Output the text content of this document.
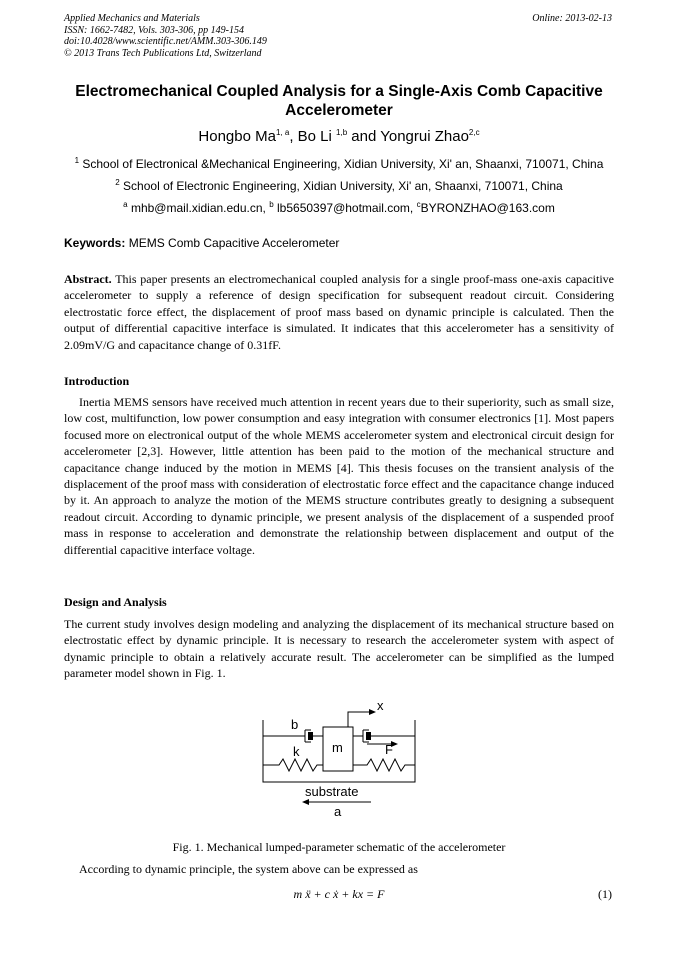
Applied Mechanics and Materials
ISSN: 1662-7482, Vols. 303-306, pp 149-154
doi:10.4028/www.scientific.net/AMM.303-306.149
© 2013 Trans Tech Publications Ltd, Switzerland
Online: 2013-02-13
Electromechanical Coupled Analysis for a Single-Axis Comb Capacitive Accelerometer
Hongbo Ma$^{1, a}$, Bo Li $^{1,b}$ and Yongrui Zhao$^{2,c}$
$^1$ School of Electronical &Mechanical Engineering, Xidian University, Xi' an, Shaanxi, 710071, China
$^2$ School of Electronic Engineering, Xidian University, Xi' an, Shaanxi, 710071, China
$^a$ mhb@mail.xidian.edu.cn, $^b$ lb5650397@hotmail.com, $^c$BYRONZHAO@163.com
Keywords: MEMS Comb Capacitive Accelerometer
Abstract. This paper presents an electromechanical coupled analysis for a single proof-mass one-axis capacitive accelerometer to supply a reference of design specification for subsequent readout circuit. Considering electrostatic force effect, the displacement of proof mass based on dynamic principle is calculated. Then the output of differential capacitive interface is simulated. It indicates that this accelerometer has a sensitivity of 2.09mV/G and capacitance change of 0.31fF.
Introduction
Inertia MEMS sensors have received much attention in recent years due to their superiority, such as small size, low cost, multifunction, low power consumption and easy integration with consumer electronics [1]. Most papers focused more on electronical output of the whole MEMS accelerometer system and electronical circuit design for accelerometer [2,3]. However, little attention has been paid to the motion of the mechanical structure and capacitance change induced by the motion in MEMS [4]. This thesis focuses on the transient analysis of the displacement of the proof mass with consideration of electrostatic force effect and the capacitance change induced by it. An approach to analyze the motion of the MEMS structure contributes greatly to designing a subsequent readout circuit. According to dynamic principle, we present analysis of the displacement of a suspended proof mass in response to acceleration and demonstrate the relationship between displacement and output of the differential capacitive interface voltage.
Design and Analysis
The current study involves design modeling and analyzing the displacement of its mechanical structure based on electrostatic effect by dynamic principle. It is necessary to research the accelerometer system with aspect of dynamic principle to obtain a relatively accurate result. The accelerometer can be simplified as the lumped parameter model shown in Fig. 1.
x
b
m	F
k
substrate
a
Fig. 1. Mechanical lumped-parameter schematic of the accelerometer
According to dynamic principle, the system above can be expressed as
m ẍ + c ẋ + kx = F	(1)
